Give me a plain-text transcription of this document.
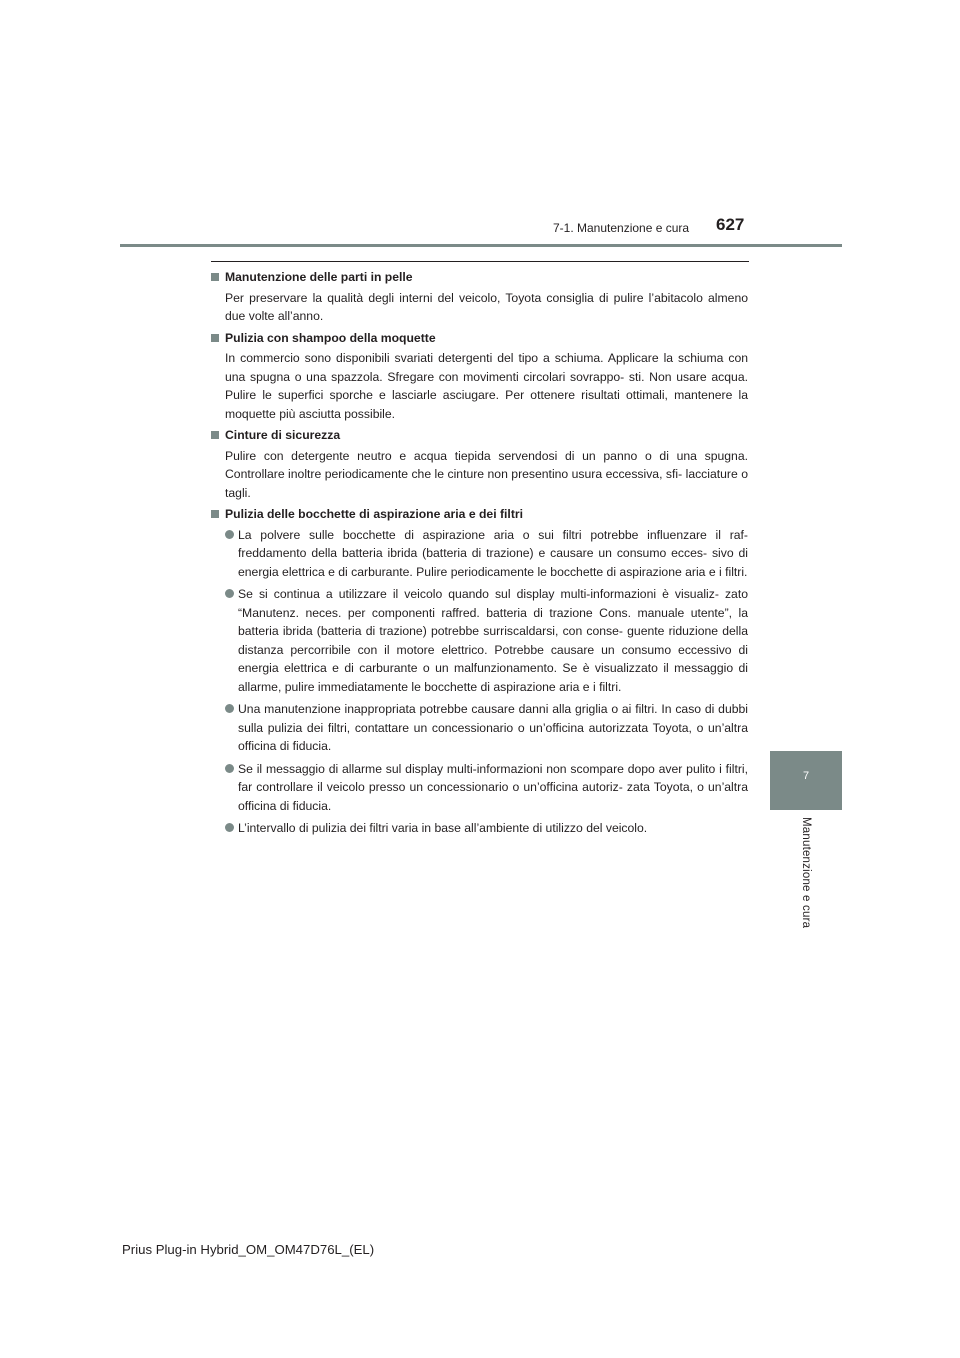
7-1. Manutenzione e cura 627
Manutenzione delle parti in pelle
Per preservare la qualità degli interni del veicolo, Toyota consiglia di pulire l’abitacolo almeno due volte all’anno.
Pulizia con shampoo della moquette
In commercio sono disponibili svariati detergenti del tipo a schiuma. Applicare la schiuma con una spugna o una spazzola. Sfregare con movimenti circolari sovrappo- sti. Non usare acqua. Pulire le superfici sporche e lasciarle asciugare. Per ottenere risultati ottimali, mantenere la moquette più asciutta possibile.
Cinture di sicurezza
Pulire con detergente neutro e acqua tiepida servendosi di un panno o di una spugna. Controllare inoltre periodicamente che le cinture non presentino usura eccessiva, sfi- lacciature o tagli.
Pulizia delle bocchette di aspirazione aria e dei filtri
La polvere sulle bocchette di aspirazione aria o sui filtri potrebbe influenzare il raf- freddamento della batteria ibrida (batteria di trazione) e causare un consumo ecces- sivo di energia elettrica e di carburante. Pulire periodicamente le bocchette di aspirazione aria e i filtri.
Se si continua a utilizzare il veicolo quando sul display multi-informazioni è visualiz- zato “Manutenz. neces. per componenti raffred. batteria di trazione Cons. manuale utente”, la batteria ibrida (batteria di trazione) potrebbe surriscaldarsi, con conse- guente riduzione della distanza percorribile con il motore elettrico. Potrebbe causare un consumo eccessivo di energia elettrica e di carburante o un malfunzionamento. Se è visualizzato il messaggio di allarme, pulire immediatamente le bocchette di aspirazione aria e i filtri.
Una manutenzione inappropriata potrebbe causare danni alla griglia o ai filtri. In caso di dubbi sulla pulizia dei filtri, contattare un concessionario o un’officina autorizzata Toyota, o un’altra officina di fiducia.
Se il messaggio di allarme sul display multi-informazioni non scompare dopo aver pulito i filtri, far controllare il veicolo presso un concessionario o un’officina autoriz- zata Toyota, o un’altra officina di fiducia.
L’intervallo di pulizia dei filtri varia in base all’ambiente di utilizzo del veicolo.
7
Manutenzione e cura
Prius Plug-in Hybrid_OM_OM47D76L_(EL)
